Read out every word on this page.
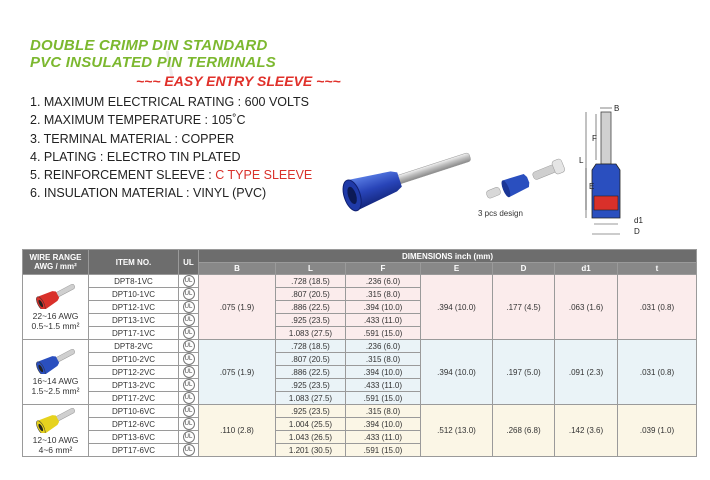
DOUBLE CRIMP DIN STANDARD
PVC INSULATED PIN TERMINALS
~~~ EASY ENTRY SLEEVE ~~~
1. MAXIMUM ELECTRICAL RATING : 600 VOLTS
2. MAXIMUM TEMPERATURE : 105˚C
3. TERMINAL MATERIAL : COPPER
4. PLATING : ELECTRO TIN PLATED
5. REINFORCEMENT SLEEVE : C TYPE SLEEVE
6. INSULATION MATERIAL : VINYL (PVC)
3 pcs design
B
F
L
E
d1
D
WIRE RANGE AWG / mm²	ITEM NO.	UL	DIMENSIONS inch (mm)						
			B	L	F	E	D	d1	t

22~16 AWG
0.5~1.5 mm²	DPT8-1VC	UL	.075 (1.9)	.728 (18.5)	.236 (6.0)	.394 (10.0)	.177 (4.5)	.063 (1.6)	.031 (0.8)
	DPT10-1VC	UL		.807 (20.5)	.315 (8.0)				
	DPT12-1VC	UL		.886 (22.5)	.394 (10.0)				
	DPT13-1VC	UL		.925 (23.5)	.433 (11.0)				
	DPT17-1VC	UL		1.083 (27.5)	.591 (15.0)				

16~14 AWG
1.5~2.5 mm²	DPT8-2VC	UL	.075 (1.9)	.728 (18.5)	.236 (6.0)	.394 (10.0)	.197 (5.0)	.091 (2.3)	.031 (0.8)
	DPT10-2VC	UL		.807 (20.5)	.315 (8.0)				
	DPT12-2VC	UL		.886 (22.5)	.394 (10.0)				
	DPT13-2VC	UL		.925 (23.5)	.433 (11.0)				
	DPT17-2VC	UL		1.083 (27.5)	.591 (15.0)				

12~10 AWG
4~6 mm²	DPT10-6VC	UL	.110 (2.8)	.925 (23.5)	.315 (8.0)	.512 (13.0)	.268 (6.8)	.142 (3.6)	.039 (1.0)
	DPT12-6VC	UL		1.004 (25.5)	.394 (10.0)				
	DPT13-6VC	UL		1.043 (26.5)	.433 (11.0)				
	DPT17-6VC	UL		1.201 (30.5)	.591 (15.0)				
